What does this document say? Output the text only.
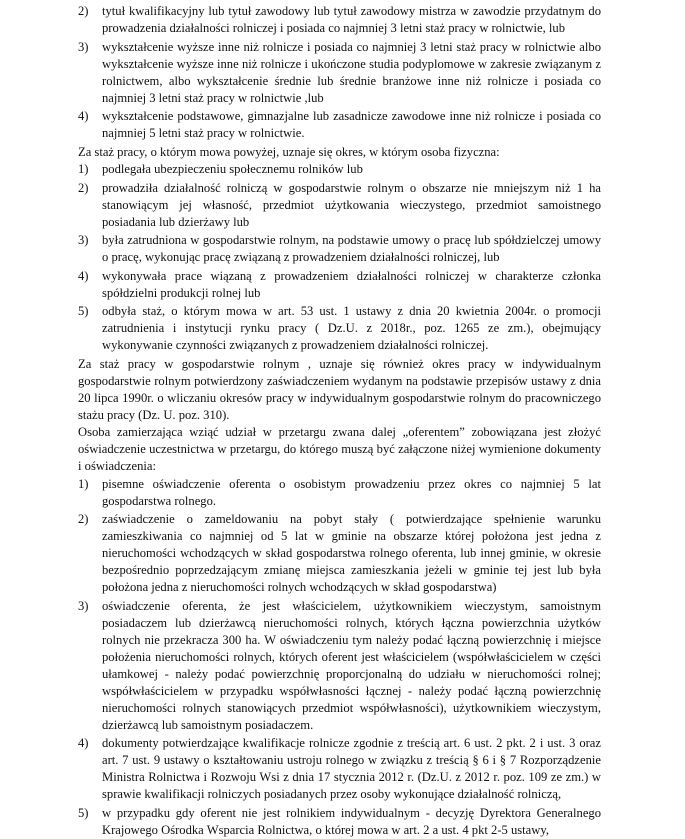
2)	tytuł kwalifikacyjny lub tytuł zawodowy lub tytuł zawodowy mistrza w zawodzie przydatnym do prowadzenia działalności rolniczej i posiada co najmniej 3 letni staż pracy w rolnictwie, lub
3)	wykształcenie wyższe inne niż rolnicze i posiada co najmniej 3 letni staż pracy w rolnictwie albo wykształcenie wyższe inne niż rolnicze i ukończone studia podyplomowe w zakresie związanym z rolnictwem, albo wykształcenie średnie lub średnie branżowe inne niż rolnicze i posiada co najmniej 3 letni staż pracy w rolnictwie ,lub
4)	wykształcenie podstawowe, gimnazjalne lub zasadnicze zawodowe inne niż rolnicze i posiada co najmniej 5 letni staż pracy w rolnictwie.
Za staż pracy, o którym mowa powyżej, uznaje się okres, w którym osoba fizyczna:
1)	podlegała ubezpieczeniu społecznemu rolników lub
2)	prowadziła działalność rolniczą w gospodarstwie rolnym o obszarze nie mniejszym niż 1 ha stanowiącym jej własność, przedmiot użytkowania wieczystego, przedmiot samoistnego posiadania lub dzierżawy lub
3)	była zatrudniona w gospodarstwie rolnym, na podstawie umowy o pracę lub spółdzielczej umowy o pracę, wykonując pracę związaną z prowadzeniem działalności rolniczej, lub
4)	wykonywała prace wiązaną z prowadzeniem działalności rolniczej w charakterze członka spółdzielni produkcji rolnej lub
5)	odbyła staż, o którym mowa w art. 53 ust. 1 ustawy z dnia 20 kwietnia 2004r. o promocji zatrudnienia i instytucji rynku pracy ( Dz.U. z 2018r., poz. 1265 ze zm.), obejmujący wykonywanie czynności związanych z prowadzeniem działalności rolniczej.
Za staż pracy w gospodarstwie rolnym , uznaje się również okres pracy w indywidualnym gospodarstwie rolnym potwierdzony zaświadczeniem wydanym na podstawie przepisów ustawy z dnia 20 lipca 1990r. o wliczaniu okresów pracy w indywidualnym gospodarstwie rolnym do pracowniczego stażu pracy (Dz. U. poz. 310).
Osoba zamierzająca wziąć udział w przetargu zwana dalej „oferentem” zobowiązana jest złożyć oświadczenie uczestnictwa w przetargu, do którego muszą być załączone niżej wymienione dokumenty i oświadczenia:
1)	pisemne oświadczenie oferenta o osobistym prowadzeniu przez okres co najmniej 5 lat gospodarstwa rolnego.
2)	zaświadczenie o zameldowaniu na pobyt stały ( potwierdzające spełnienie warunku zamieszkiwania co najmniej od 5 lat w gminie na obszarze której położona jest jedna z nieruchomości wchodzących w skład gospodarstwa rolnego oferenta, lub innej gminie, w okresie bezpośrednio poprzedzającym zmianę miejsca zamieszkania jeżeli w gminie tej jest lub była położona jedna z nieruchomości rolnych wchodzących w skład gospodarstwa)
3)	oświadczenie oferenta, że jest właścicielem, użytkownikiem wieczystym, samoistnym posiadaczem lub dzierżawcą nieruchomości rolnych, których łączna powierzchnia użytków rolnych nie przekracza 300 ha. W oświadczeniu tym należy podać łączną powierzchnię i miejsce położenia nieruchomości rolnych, których oferent jest właścicielem (współwłaścicielem w części ułamkowej - należy podać powierzchnię proporcjonalną do udziału w nieruchomości rolnej; współwłaścicielem w przypadku współwłasności łącznej - należy podać łączną powierzchnię nieruchomości rolnych stanowiących przedmiot współwłasności), użytkownikiem wieczystym, dzierżawcą lub samoistnym posiadaczem.
4)	dokumenty potwierdzające kwalifikacje rolnicze zgodnie z treścią art. 6 ust. 2 pkt. 2 i ust. 3 oraz art. 7 ust. 9 ustawy o kształtowaniu ustroju rolnego w związku z treścią § 6 i § 7 Rozporządzenie Ministra Rolnictwa i Rozwoju Wsi z dnia 17 stycznia 2012 r. (Dz.U. z 2012 r. poz. 109 ze zm.) w sprawie kwalifikacji rolniczych posiadanych przez osoby wykonujące działalność rolniczą,
5)	w przypadku gdy oferent nie jest rolnikiem indywidualnym - decyzję Dyrektora Generalnego Krajowego Ośrodka Wsparcia Rolnictwa, o której mowa w art. 2 a ust. 4 pkt 2-5 ustawy,
